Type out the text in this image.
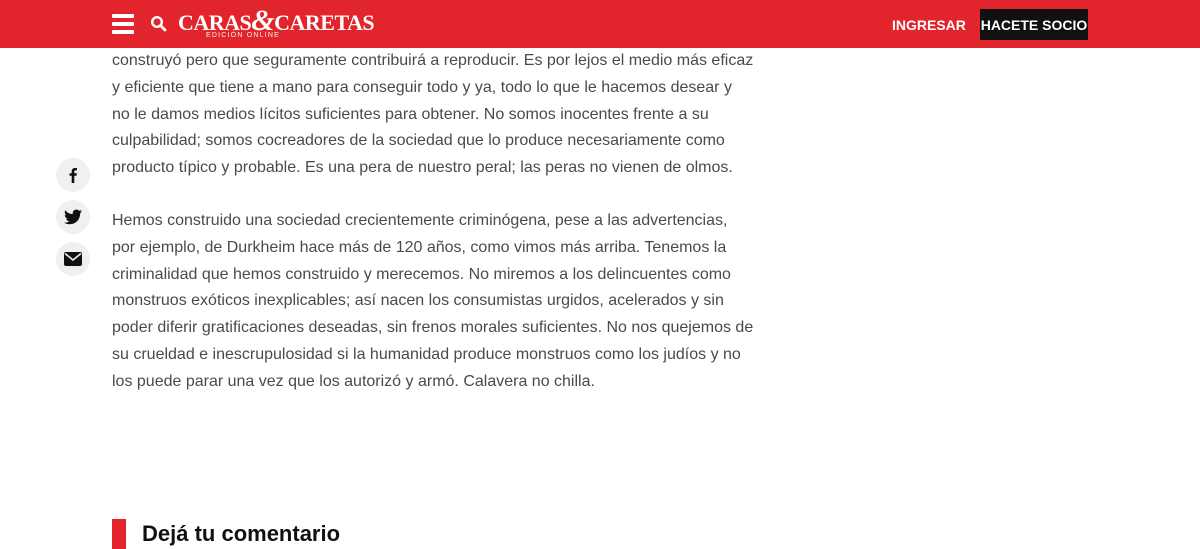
CARAS&CARETAS
EDICIÓN ONLINE
INGRESAR HACETE SOCIO

construyó pero que seguramente contribuirá a reproducir. Es por lejos el medio más eficaz y eficiente que tiene a mano para conseguir todo y ya, todo lo que le hacemos desear y no le damos medios lícitos suficientes para obtener. No somos inocentes frente a su culpabilidad; somos cocreadores de la sociedad que lo produce necesariamente como producto típico y probable. Es una pera de nuestro peral; las peras no vienen de olmos.

Hemos construido una sociedad crecientemente criminógena, pese a las advertencias, por ejemplo, de Durkheim hace más de 120 años, como vimos más arriba. Tenemos la criminalidad que hemos construido y merecemos. No miremos a los delincuentes como monstruos exóticos inexplicables; así nacen los consumistas urgidos, acelerados y sin poder diferir gratificaciones deseadas, sin frenos morales suficientes. No nos quejemos de su crueldad e inescrupulosidad si la humanidad produce monstruos como los judíos y no los puede parar una vez que los autorizó y armó. Calavera no chilla.

Dejá tu comentario
